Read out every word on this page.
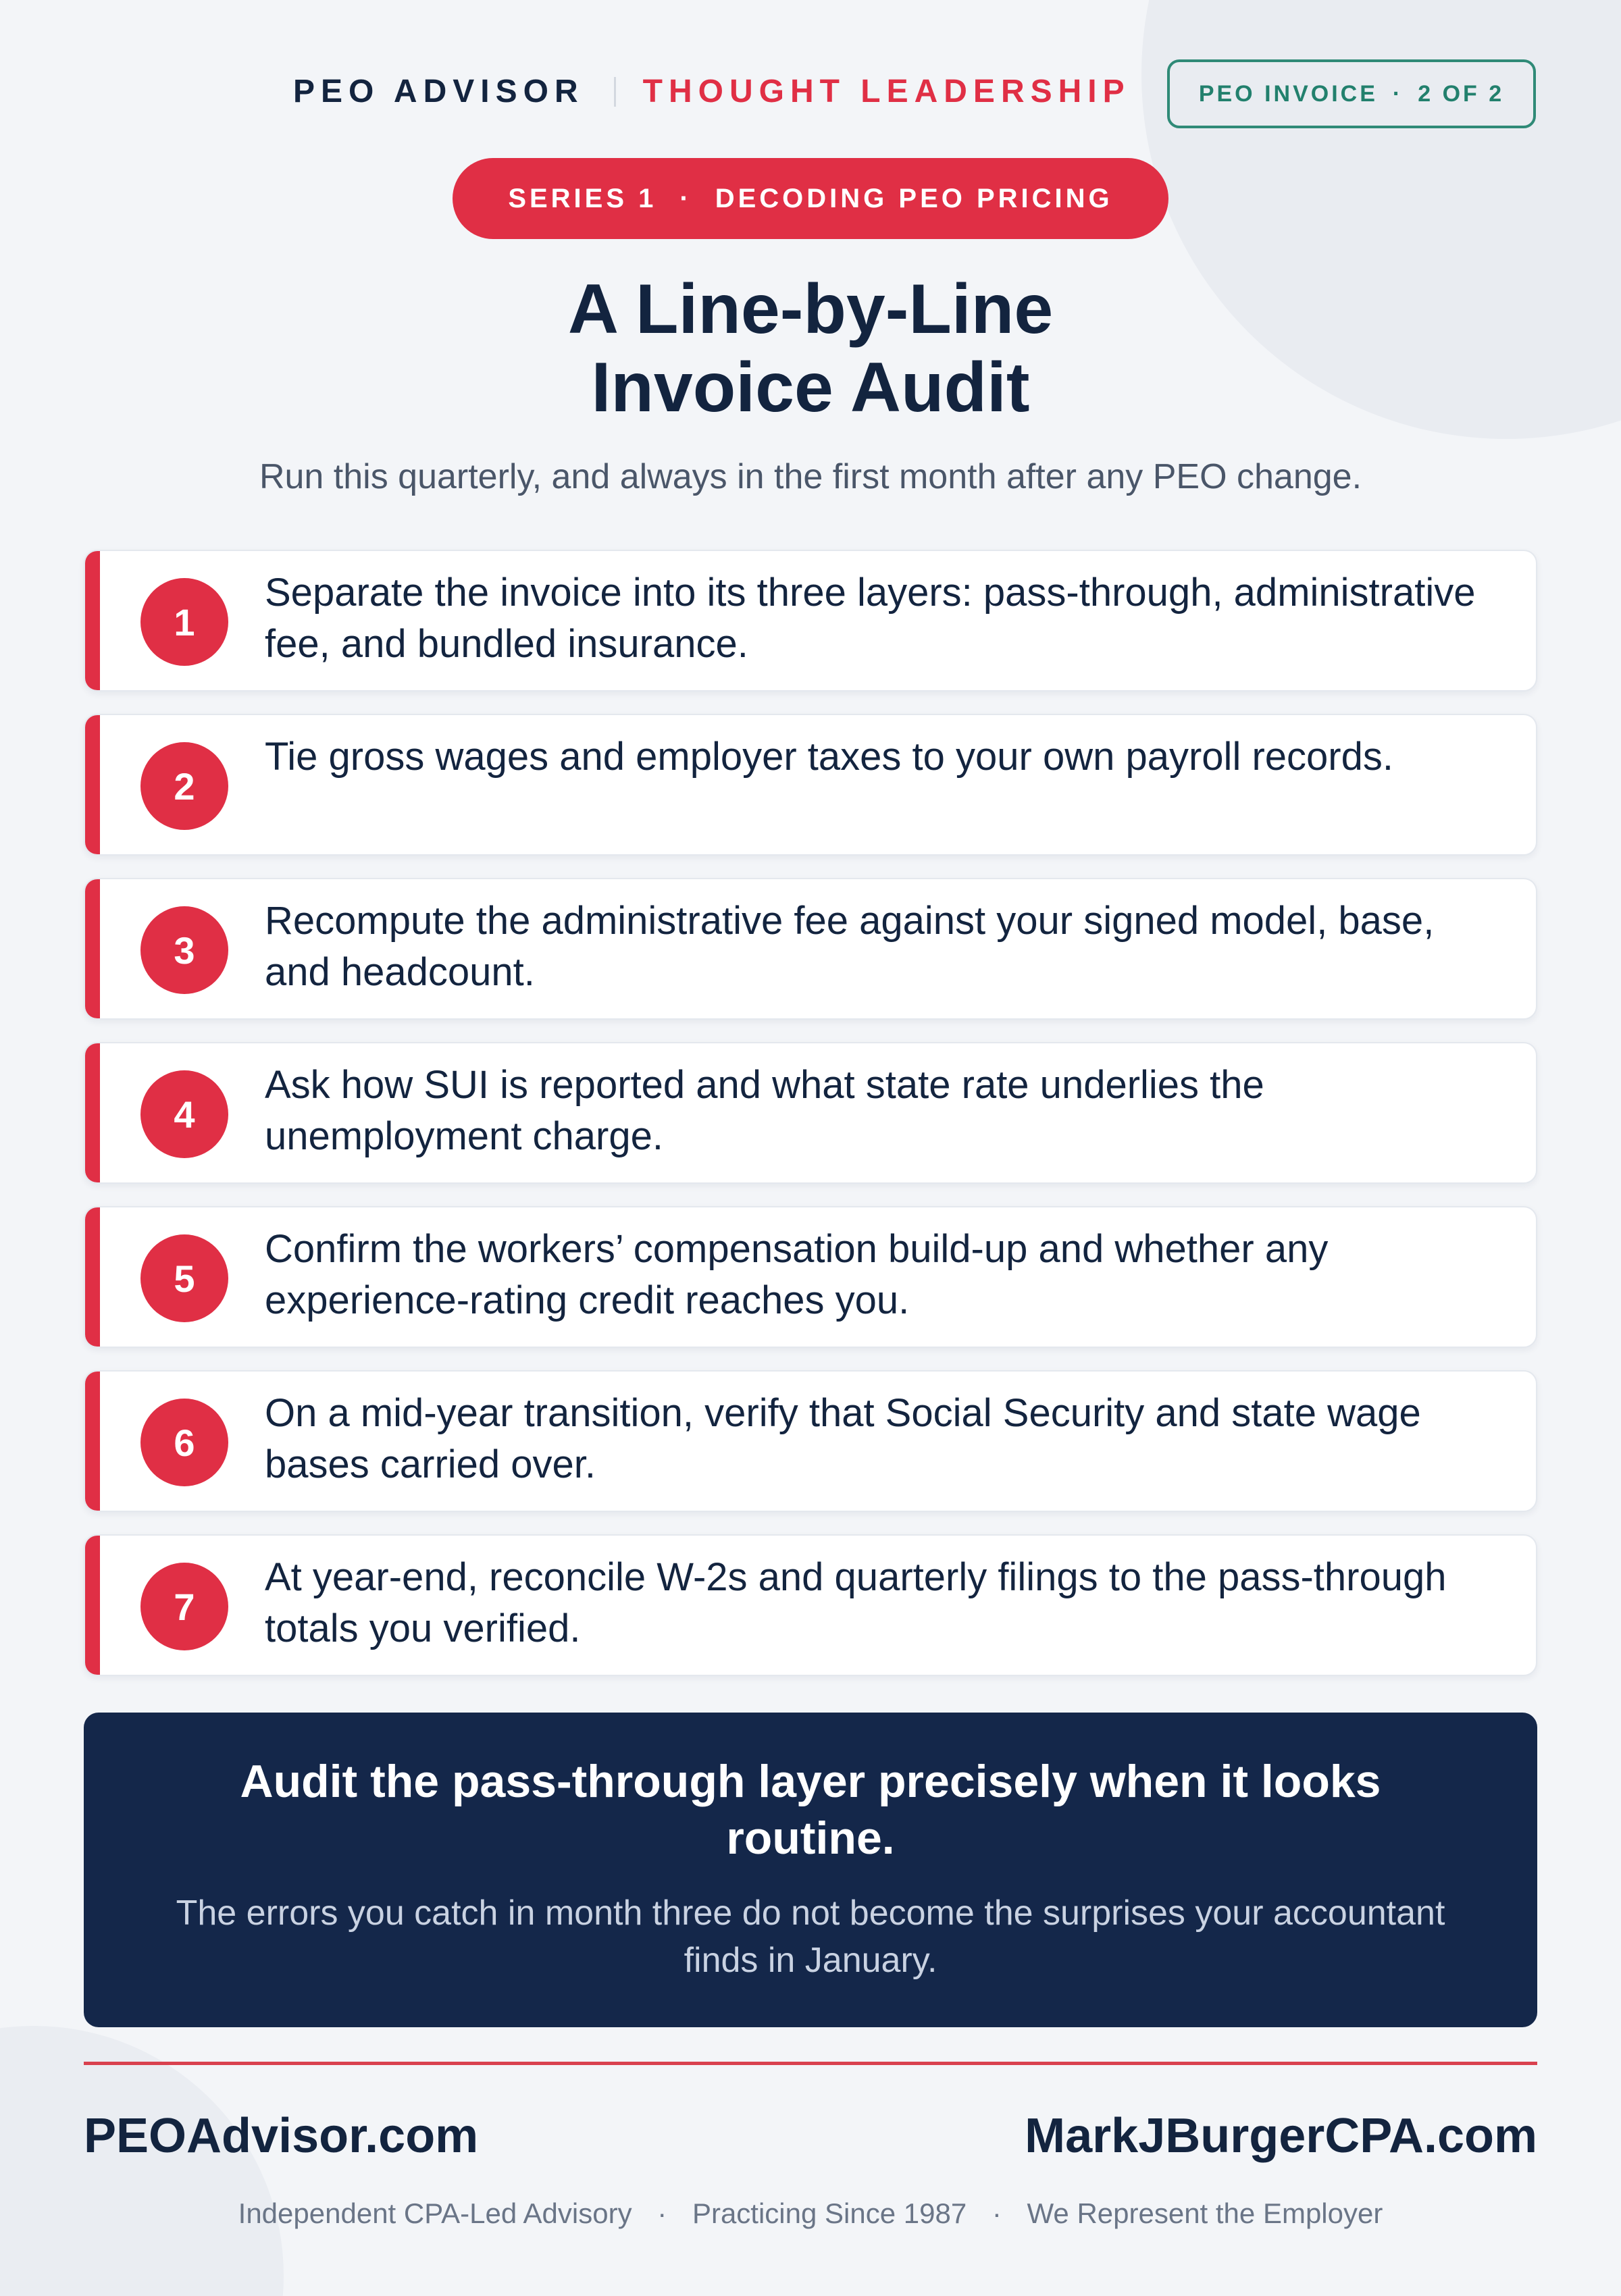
PEO ADVISOR THOUGHT LEADERSHIP	PEO INVOICE · 2 OF 2
SERIES 1 · DECODING PEO PRICING
A Line-by-Line
Invoice Audit

Run this quarterly, and always in the first month after any PEO change.

1
Separate the invoice into its three layers: pass-through, administrative fee, and bundled insurance.
2
Tie gross wages and employer taxes to your own payroll records.
3
Recompute the administrative fee against your signed model, base, and headcount.
4
Ask how SUI is reported and what state rate underlies the unemployment charge.
5
Confirm the workers’ compensation build-up and whether any experience-rating credit reaches you.
6
On a mid-year transition, verify that Social Security and state wage bases carried over.
7
At year-end, reconcile W-2s and quarterly filings to the pass-through totals you verified.
Audit the pass-through layer precisely when it looks routine.
The errors you catch in month three do not become the surprises your accountant finds in January.
PEOAdvisor.com	MarkJBurgerCPA.com
Independent CPA-Led Advisory · Practicing Since 1987 · We Represent the Employer
